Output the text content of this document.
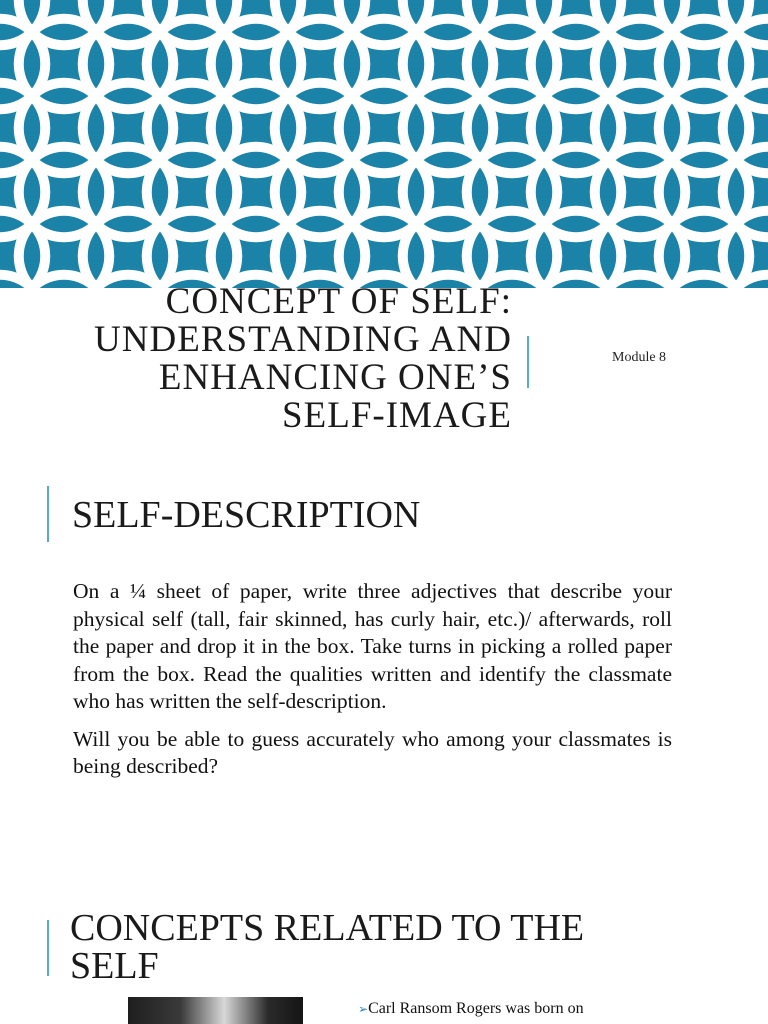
CONCEPT OF SELF:
UNDERSTANDING AND
ENHANCING ONE’S
SELF-IMAGE
Module 8
SELF-DESCRIPTION

On a ¼ sheet of paper, write three adjectives that describe your physical self (tall, fair skinned, has curly hair, etc.)/ afterwards, roll the paper and drop it in the box. Take turns in picking a rolled paper from the box. Read the qualities written and identify the classmate who has written the self-description.

Will you be able to guess accurately who among your classmates is being described?

CONCEPTS RELATED TO THE
SELF
➢Carl Ransom Rogers was born on
